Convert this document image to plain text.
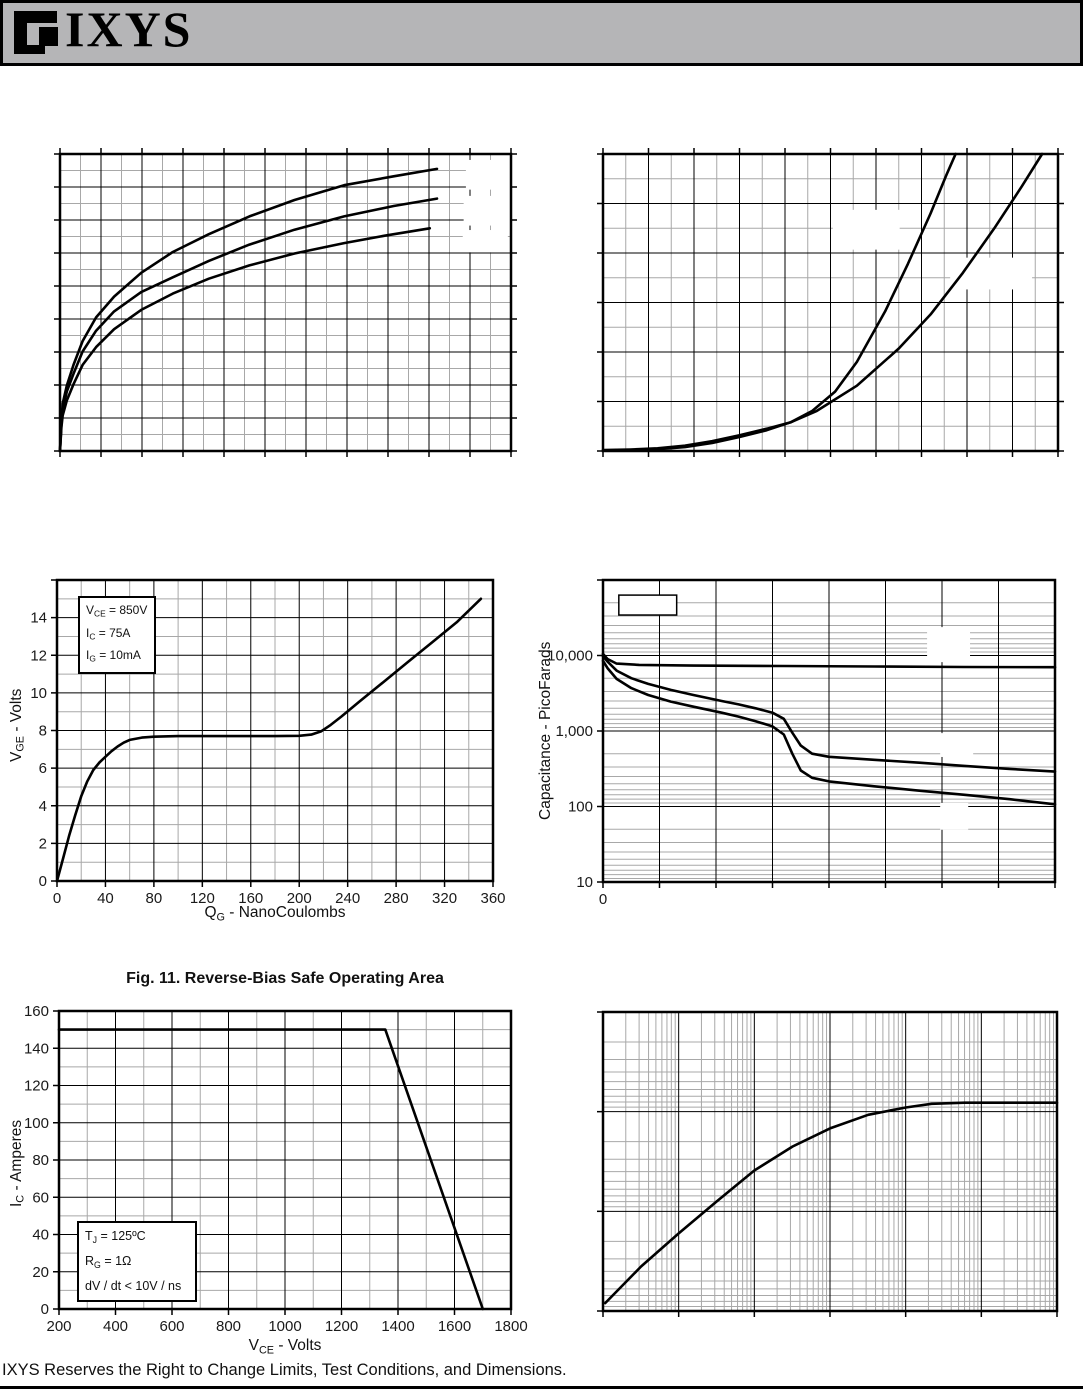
IXYS
0 40 80 120 160 200 240 280 320 360
0
2
4
6
8
10
12
14
0
10
100
1,000
10,000
200 400 600 800 1000 1200 1400 1600 1800
0
20
40
60
80
100
120
140
160
$V_{GE}$ - Volts
$Q_G$ - NanoCoulombs
Capacitance - PicoFarads
$I_C$ - Amperes
$V_{CE}$ - Volts
$V_{CE} = 850V$
$I_C = 75A$
$I_G = 10mA$
Fig. 11. Reverse-Bias Safe Operating Area
$T_J$ = 125ºC
$R_G = 1\Omega$
dV / dt < 10V / ns
IXYS Reserves the Right to Change Limits, Test Conditions, and Dimensions.
